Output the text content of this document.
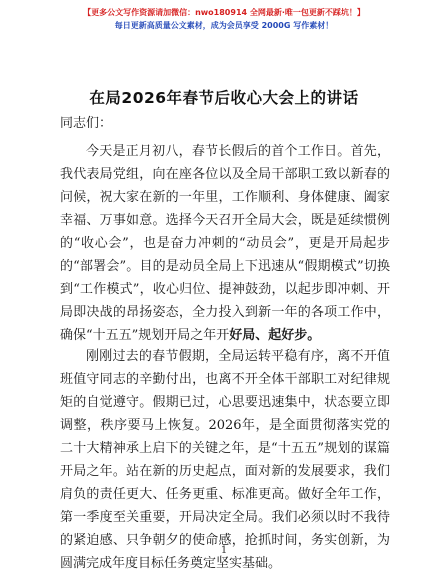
【更多公文写作资源请加微信：nwo180914 全网最新·唯一包更新不踩坑！】
每日更新高质量公文素材，成为会员享受 2000G 写作素材！
在局2026年春节后收心大会上的讲话
同志们：

今天是正月初八，春节长假后的首个工作日。首先，我代表局党组，向在座各位以及全局干部职工致以新春的问候，祝大家在新的一年里，工作顺利、身体健康、阖家幸福、万事如意。选择今天召开全局大会，既是延续惯例的“收心会”，也是奋力冲刺的“动员会”，更是开局起步的“部署会”。目的是动员全局上下迅速从“假期模式”切换到“工作模式”，收心归位、提神鼓劲，以起步即冲刺、开局即决战的昂扬姿态，全力投入到新一年的各项工作中，确保“十五五”规划开局之年开好局、起好步。

刚刚过去的春节假期，全局运转平稳有序，离不开值班值守同志的辛勤付出，也离不开全体干部职工对纪律规矩的自觉遵守。假期已过，心思要迅速集中，状态要立即调整，秩序要马上恢复。2026年，是全面贯彻落实党的二十大精神承上启下的关键之年，是“十五五”规划的谋篇开局之年。站在新的历史起点，面对新的发展要求，我们肩负的责任更大、任务更重、标准更高。做好全年工作，第一季度至关重要，开局决定全局。我们必须以时不我待的紧迫感、只争朝夕的使命感，抢抓时间，务实创新，为圆满完成年度目标任务奠定坚实基础。

1
